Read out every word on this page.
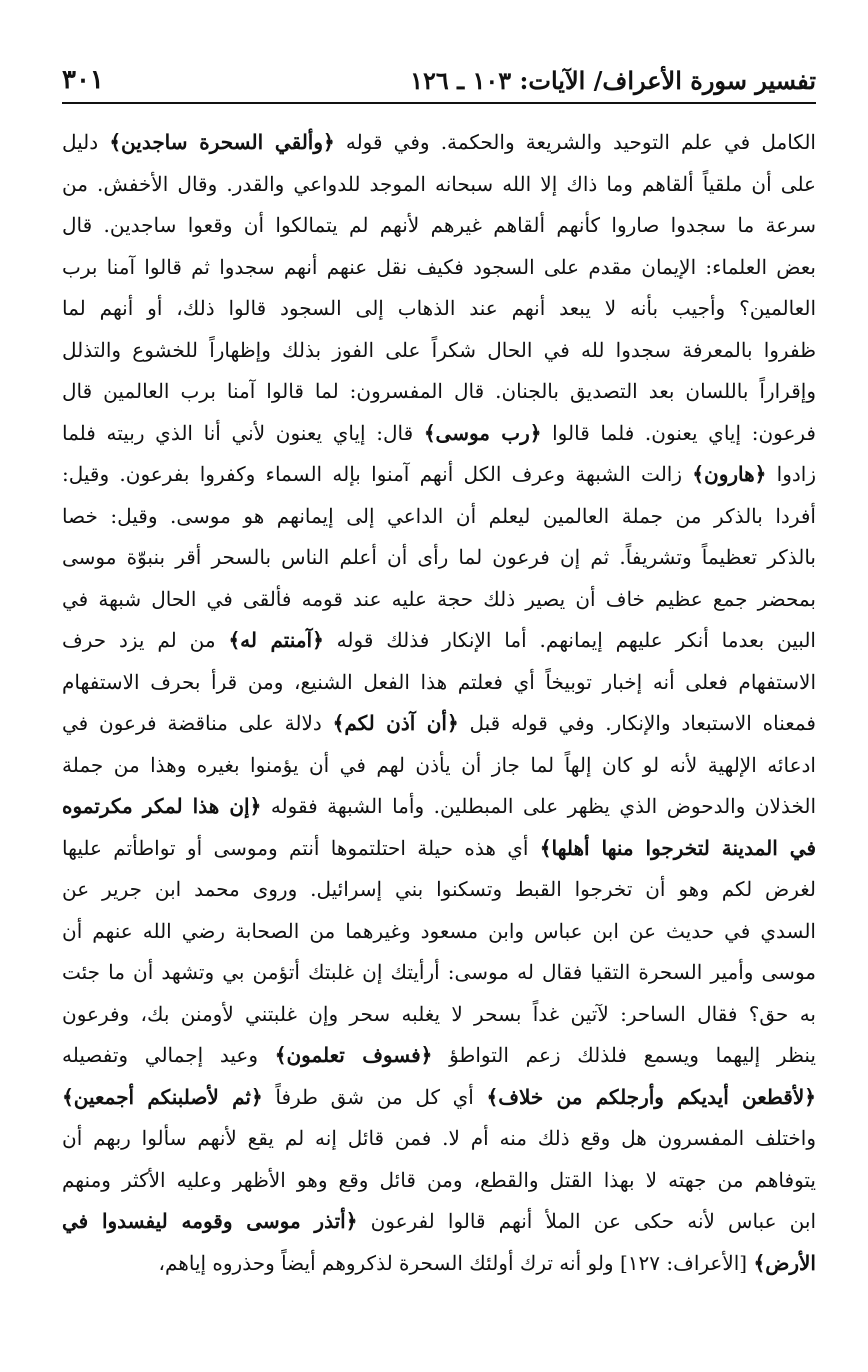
تفسير سورة الأعراف/ الآيات: ١٠٣ ـ ١٢٦
٣٠١
الكامل في علم التوحيد والشريعة والحكمة. وفي قوله ﴿وألقي السحرة ساجدين﴾ دليل
على أن ملقياً ألقاهم وما ذاك إلا الله سبحانه الموجد للدواعي والقدر. وقال الأخفش. من
سرعة ما سجدوا صاروا كأنهم ألقاهم غيرهم لأنهم لم يتمالكوا أن وقعوا ساجدين. قال
بعض العلماء: الإيمان مقدم على السجود فكيف نقل عنهم أنهم سجدوا ثم قالوا آمنا برب
العالمين؟ وأجيب بأنه لا يبعد أنهم عند الذهاب إلى السجود قالوا ذلك، أو أنهم لما
ظفروا بالمعرفة سجدوا لله في الحال شكراً على الفوز بذلك وإظهاراً للخشوع والتذلل
وإقراراً باللسان بعد التصديق بالجنان. قال المفسرون: لما قالوا آمنا برب العالمين قال
فرعون: إياي يعنون. فلما قالوا ﴿رب موسى﴾ قال: إياي يعنون لأني أنا الذي ربيته فلما
زادوا ﴿هارون﴾ زالت الشبهة وعرف الكل أنهم آمنوا بإله السماء وكفروا بفرعون. وقيل:
أفردا بالذكر من جملة العالمين ليعلم أن الداعي إلى إيمانهم هو موسى. وقيل: خصا
بالذكر تعظيماً وتشريفاً. ثم إن فرعون لما رأى أن أعلم الناس بالسحر أقر بنبوّة موسى
بمحضر جمع عظيم خاف أن يصير ذلك حجة عليه عند قومه فألقى في الحال شبهة في
البين بعدما أنكر عليهم إيمانهم. أما الإنكار فذلك قوله ﴿آمنتم له﴾ من لم يزد حرف
الاستفهام فعلى أنه إخبار توبيخاً أي فعلتم هذا الفعل الشنيع، ومن قرأ بحرف الاستفهام
فمعناه الاستبعاد والإنكار. وفي قوله قبل ﴿أن آذن لكم﴾ دلالة على مناقضة فرعون في
ادعائه الإلهية لأنه لو كان إلهاً لما جاز أن يأذن لهم في أن يؤمنوا بغيره وهذا من جملة
الخذلان والدحوض الذي يظهر على المبطلين. وأما الشبهة فقوله ﴿إن هذا لمكر مكرتموه
في المدينة لتخرجوا منها أهلها﴾ أي هذه حيلة احتلتموها أنتم وموسى أو تواطأتم عليها
لغرض لكم وهو أن تخرجوا القبط وتسكنوا بني إسرائيل. وروى محمد ابن جرير عن
السدي في حديث عن ابن عباس وابن مسعود وغيرهما من الصحابة رضي الله عنهم أن
موسى وأمير السحرة التقيا فقال له موسى: أرأيتك إن غلبتك أتؤمن بي وتشهد أن ما جئت
به حق؟ فقال الساحر: لآتين غداً بسحر لا يغلبه سحر وإن غلبتني لأومنن بك، وفرعون
ينظر إليهما ويسمع فلذلك زعم التواطؤ ﴿فسوف تعلمون﴾ وعيد إجمالي وتفصيله
﴿لأقطعن أيديكم وأرجلكم من خلاف﴾ أي كل من شق طرفاً ﴿ثم لأصلبنكم أجمعين﴾
واختلف المفسرون هل وقع ذلك منه أم لا. فمن قائل إنه لم يقع لأنهم سألوا ربهم أن
يتوفاهم من جهته لا بهذا القتل والقطع، ومن قائل وقع وهو الأظهر وعليه الأكثر ومنهم
ابن عباس لأنه حكى عن الملأ أنهم قالوا لفرعون ﴿أتذر موسى وقومه ليفسدوا في
الأرض﴾ [الأعراف: ١٢٧] ولو أنه ترك أولئك السحرة لذكروهم أيضاً وحذروه إياهم،
